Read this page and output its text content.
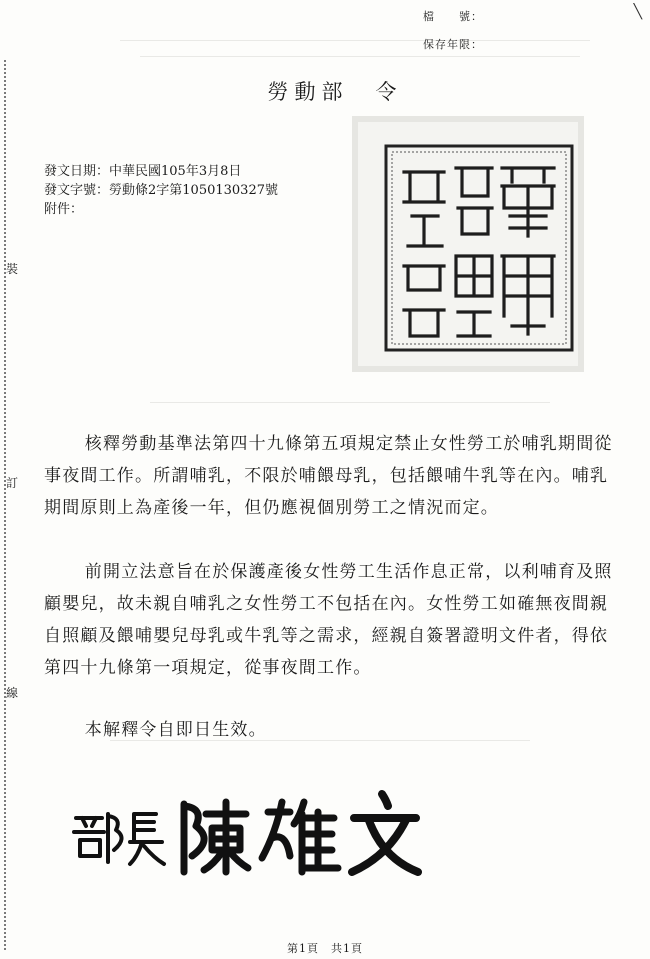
╲
裝
訂
線
檔　　號：
保存年限：
勞動部　令
發文日期：中華民國105年3月8日
發文字號：勞動條2字第1050130327號
附件：

核釋勞動基準法第四十九條第五項規定禁止女性勞工於哺乳期間從事夜間工作。所謂哺乳，不限於哺餵母乳，包括餵哺牛乳等在內。哺乳期間原則上為產後一年，但仍應視個別勞工之情況而定。

前開立法意旨在於保護產後女性勞工生活作息正常，以利哺育及照顧嬰兒，故未親自哺乳之女性勞工不包括在內。女性勞工如確無夜間親自照顧及餵哺嬰兒母乳或牛乳等之需求，經親自簽署證明文件者，得依第四十九條第一項規定，從事夜間工作。

本解釋令自即日生效。

第1頁　共1頁
